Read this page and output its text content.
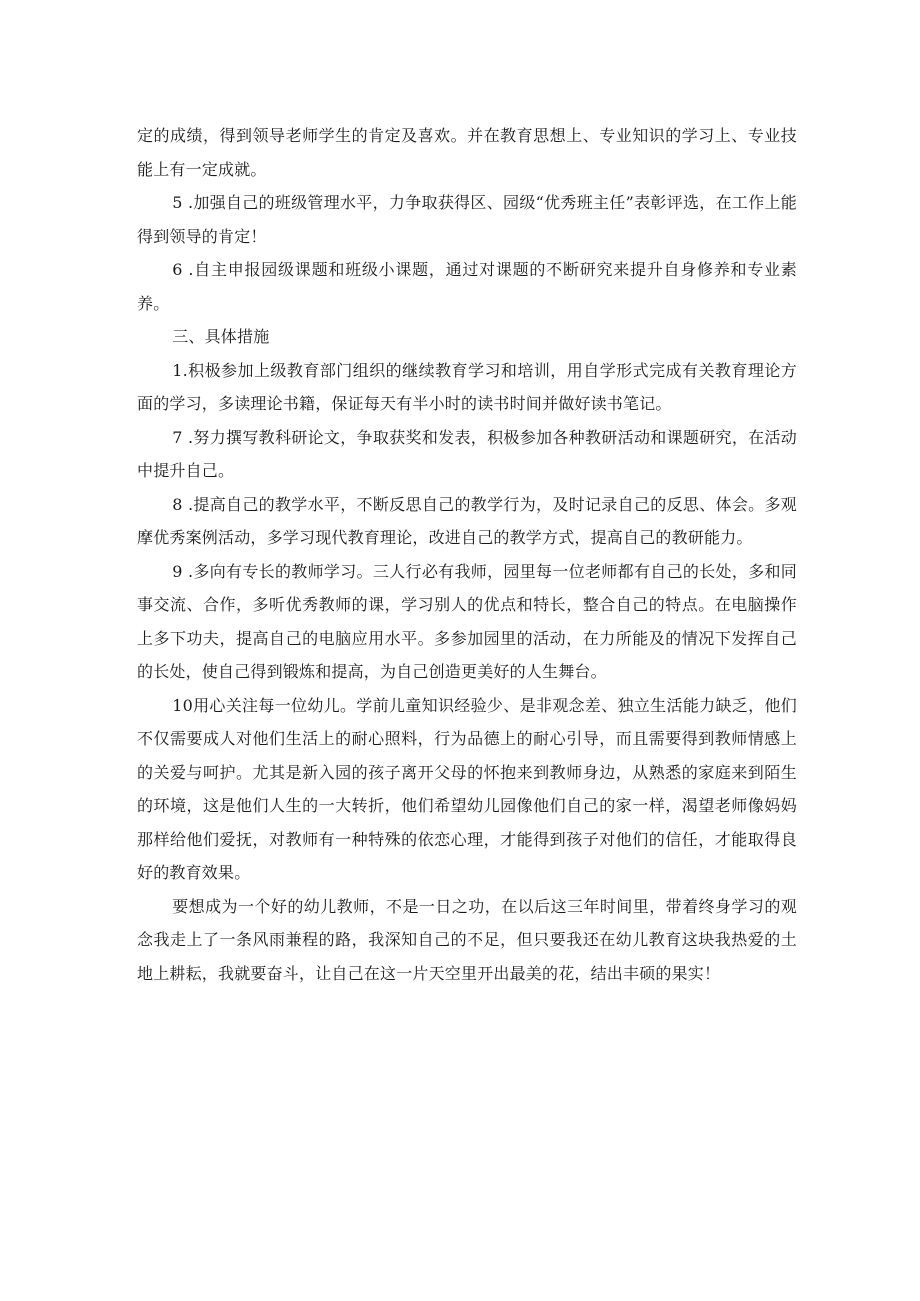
定的成绩，得到领导老师学生的肯定及喜欢。并在教育思想上、专业知识的学习上、专业技能上有一定成就。

5 .加强自己的班级管理水平，力争取获得区、园级“优秀班主任”表彰评选，在工作上能得到领导的肯定！

6 .自主申报园级课题和班级小课题，通过对课题的不断研究来提升自身修养和专业素养。

三、具体措施

1.积极参加上级教育部门组织的继续教育学习和培训，用自学形式完成有关教育理论方面的学习，多读理论书籍，保证每天有半小时的读书时间并做好读书笔记。

7 .努力撰写教科研论文，争取获奖和发表，积极参加各种教研活动和课题研究，在活动中提升自己。

8 .提高自己的教学水平，不断反思自己的教学行为，及时记录自己的反思、体会。多观摩优秀案例活动，多学习现代教育理论，改进自己的教学方式，提高自己的教研能力。

9 .多向有专长的教师学习。三人行必有我师，园里每一位老师都有自己的长处，多和同事交流、合作，多听优秀教师的课，学习别人的优点和特长，整合自己的特点。在电脑操作上多下功夫，提高自己的电脑应用水平。多参加园里的活动，在力所能及的情况下发挥自己的长处，使自己得到锻炼和提高，为自己创造更美好的人生舞台。

10用心关注每一位幼儿。学前儿童知识经验少、是非观念差、独立生活能力缺乏，他们不仅需要成人对他们生活上的耐心照料，行为品德上的耐心引导，而且需要得到教师情感上的关爱与呵护。尤其是新入园的孩子离开父母的怀抱来到教师身边，从熟悉的家庭来到陌生的环境，这是他们人生的一大转折，他们希望幼儿园像他们自己的家一样，渴望老师像妈妈那样给他们爱抚，对教师有一种特殊的依恋心理，才能得到孩子对他们的信任，才能取得良好的教育效果。

要想成为一个好的幼儿教师，不是一日之功，在以后这三年时间里，带着终身学习的观念我走上了一条风雨兼程的路，我深知自己的不足，但只要我还在幼儿教育这块我热爱的土地上耕耘，我就要奋斗，让自己在这一片天空里开出最美的花，结出丰硕的果实！
